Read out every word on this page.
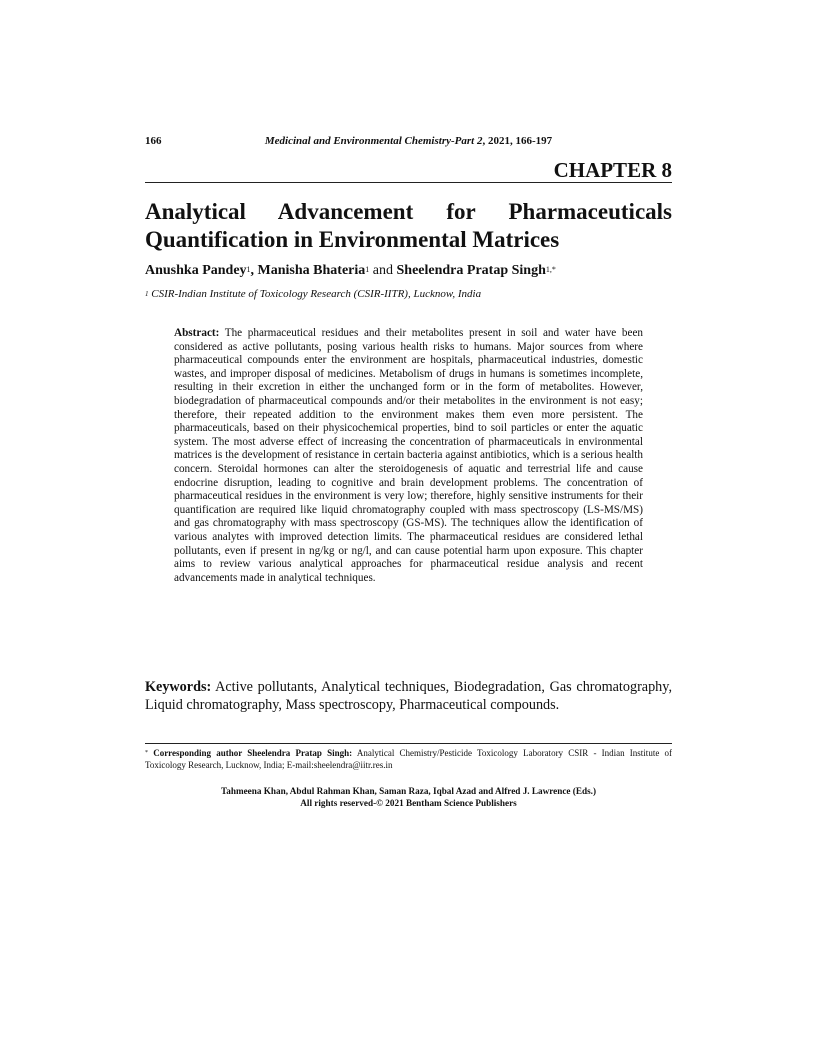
166	Medicinal and Environmental Chemistry-Part 2, 2021, 166-197
CHAPTER 8
Analytical Advancement for Pharmaceuticals Quantification in Environmental Matrices
Anushka Pandey$^1$, Manisha Bhateria$^1$ and Sheelendra Pratap Singh$^{1,*}$
$^1$ CSIR-Indian Institute of Toxicology Research (CSIR-IITR), Lucknow, India

Abstract: The pharmaceutical residues and their metabolites present in soil and water have been considered as active pollutants, posing various health risks to humans. Major sources from where pharmaceutical compounds enter the environment are hospitals, pharmaceutical industries, domestic wastes, and improper disposal of medicines. Metabolism of drugs in humans is sometimes incomplete, resulting in their excretion in either the unchanged form or in the form of metabolites. However, biodegradation of pharmaceutical compounds and/or their metabolites in the environment is not easy; therefore, their repeated addition to the environment makes them even more persistent. The pharmaceuticals, based on their physicochemical properties, bind to soil particles or enter the aquatic system. The most adverse effect of increasing the concentration of pharmaceuticals in environmental matrices is the development of resistance in certain bacteria against antibiotics, which is a serious health concern. Steroidal hormones can alter the steroidogenesis of aquatic and terrestrial life and cause endocrine disruption, leading to cognitive and brain development problems. The concentration of pharmaceutical residues in the environment is very low; therefore, highly sensitive instruments for their quantification are required like liquid chromatography coupled with mass spectroscopy (LS-MS/MS) and gas chromatography with mass spectroscopy (GS-MS). The techniques allow the identification of various analytes with improved detection limits. The pharmaceutical residues are considered lethal pollutants, even if present in ng/kg or ng/l, and can cause potential harm upon exposure. This chapter aims to review various analytical approaches for pharmaceutical residue analysis and recent advancements made in analytical techniques.

Keywords: Active pollutants, Analytical techniques, Biodegradation, Gas chromatography, Liquid chromatography, Mass spectroscopy, Pharmaceutical compounds.

* Corresponding author Sheelendra Pratap Singh: Analytical Chemistry/Pesticide Toxicology Laboratory CSIR - Indian Institute of Toxicology Research, Lucknow, India; E-mail:sheelendra@iitr.res.in

Tahmeena Khan, Abdul Rahman Khan, Saman Raza, Iqbal Azad and Alfred J. Lawrence (Eds.)
All rights reserved-© 2021 Bentham Science Publishers
